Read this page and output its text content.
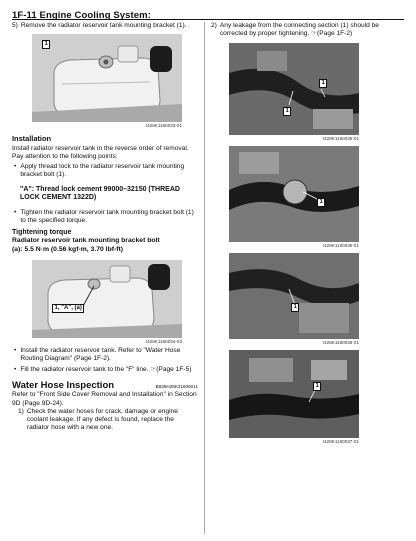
1F-11 Engine Cooling System:
5) Remove the radiator reservoir tank mounting bracket (1).
1
I428K1160033-01
Installation
Install radiator reservoir tank in the reverse order of removal. Pay attention to the following points:
• Apply thread lock to the radiator reservoir tank mounting bracket bolt (1).
"A": Thread lock cement 99000–32150 (THREAD
LOCK CEMENT 1322D)
• Tighten the radiator reservoir tank mounting bracket bolt (1) to the specified torque.
Tightening torque
Radiator reservoir tank mounting bracket bolt
(a): 5.5 N·m (0.56 kgf-m, 3.70 lbf-ft)
1, "A", (a)
I428K1160034-03
• Install the radiator reservoir tank. Refer to "Water Hose Routing Diagram" (Page 1F-2).
• Fill the radiator reservoir tank to the "F" line. ☞(Page 1F-5)
Water Hose Inspection	B838H28K31606011
Refer to "Front Side Cover Removal and Installation" in Section 9D (Page 9D-24).
1) Check the water hoses for crack, damage or engine coolant leakage. If any defect is found, replace the radiator hose with a new one.
2) Any leakage from the connecting section (1) should be corrected by proper tightening. ☞(Page 1F-2)
1
1
I428K1160035-01
1
I428K1160035-01
1
I428K1160036-01
1
I428K1160037-01
